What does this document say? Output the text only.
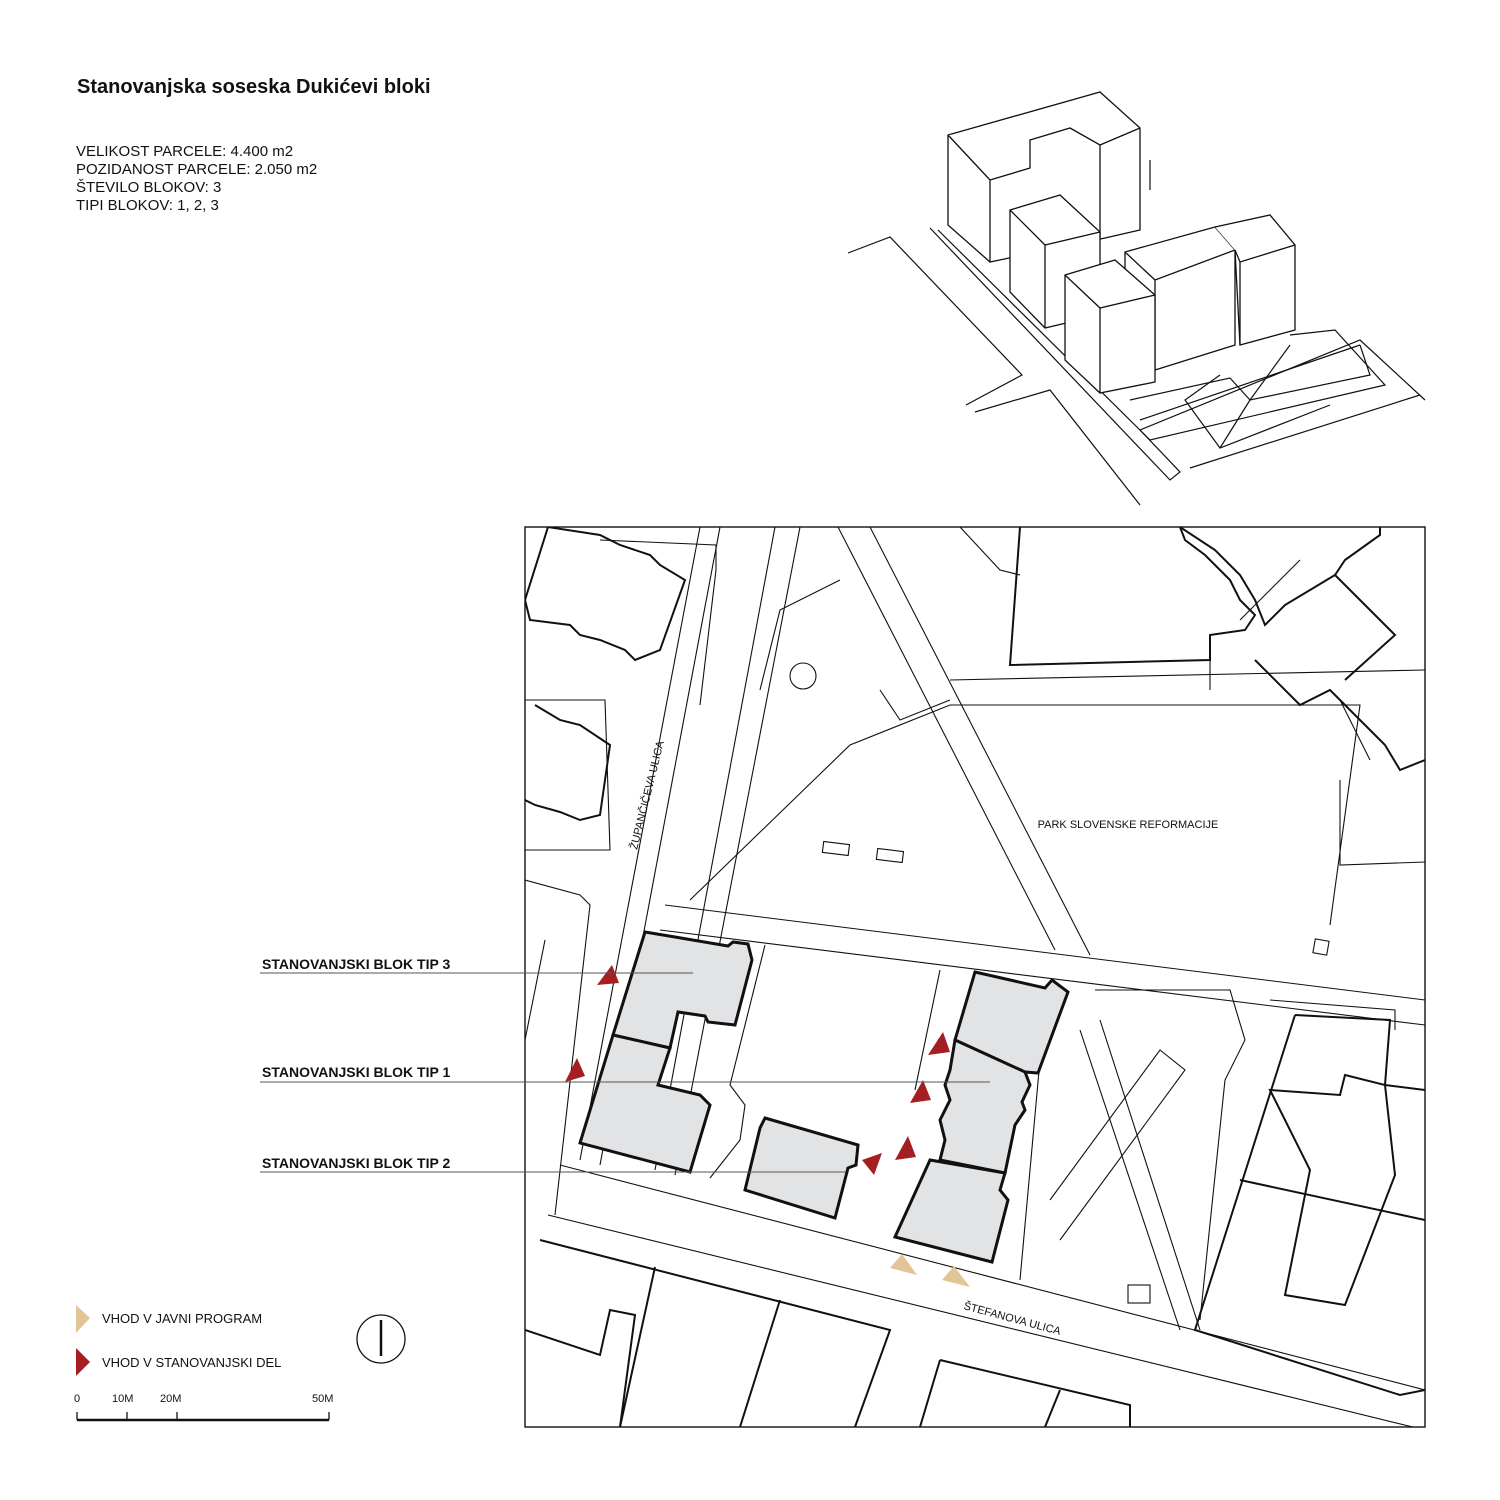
Stanovanjska soseska Dukićevi bloki
VELIKOST PARCELE: 4.400 m2
POZIDANOST PARCELE: 2.050 m2
ŠTEVILO BLOKOV: 3
TIPI BLOKOV: 1, 2, 3
PARK SLOVENSKE REFORMACIJE
ŽUPANČIČEVA ULICA
ŠTEFANOVA ULICA
STANOVANJSKI BLOK TIP 3
STANOVANJSKI BLOK TIP 1
STANOVANJSKI BLOK TIP 2
VHOD V JAVNI PROGRAM
VHOD V STANOVANJSKI DEL
0	10M 20M	50M
